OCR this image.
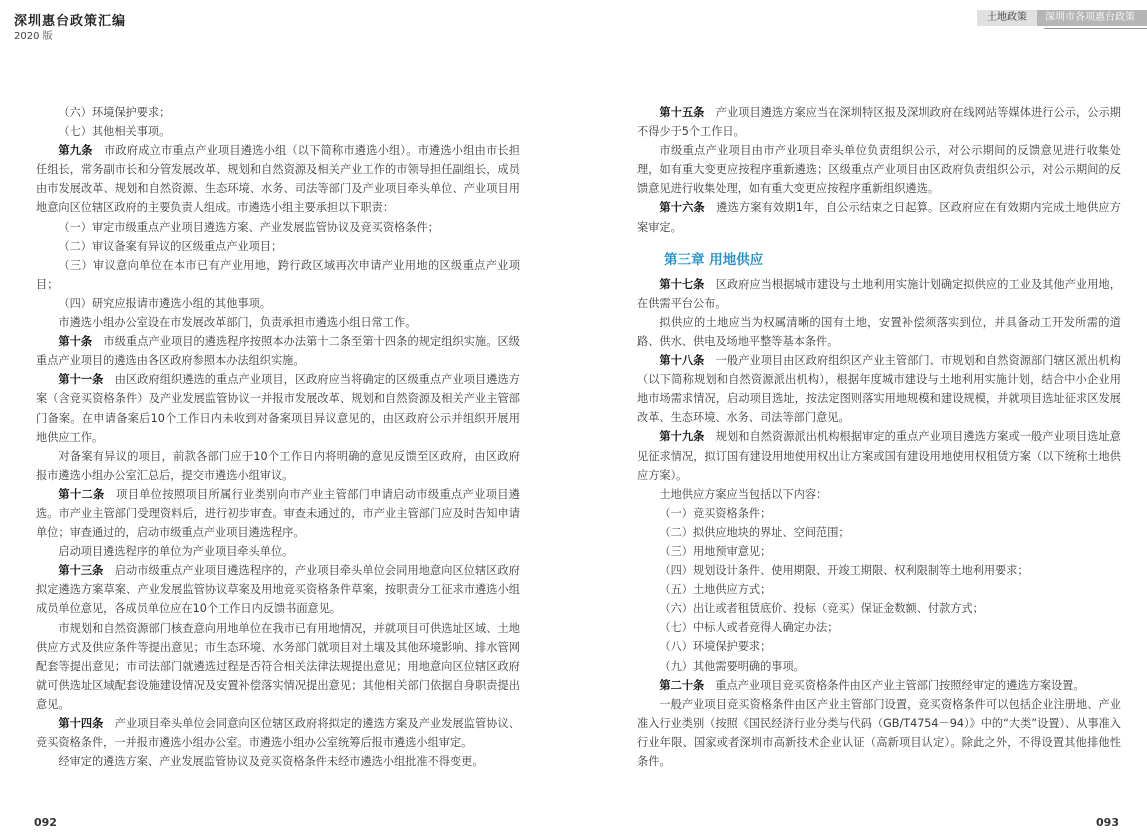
深圳惠台政策汇编
2020 版
土地政策	深圳市各项惠台政策

（六）环境保护要求；

（七）其他相关事项。

第九条　市政府成立市重点产业项目遴选小组（以下简称市遴选小组）。市遴选小组由市长担任组长，常务副市长和分管发展改革、规划和自然资源及相关产业工作的市领导担任副组长，成员由市发展改革、规划和自然资源、生态环境、水务、司法等部门及产业项目牵头单位、产业项目用地意向区位辖区政府的主要负责人组成。市遴选小组主要承担以下职责：

（一）审定市级重点产业项目遴选方案、产业发展监管协议及竞买资格条件；

（二）审议备案有异议的区级重点产业项目；

（三）审议意向单位在本市已有产业用地，跨行政区域再次申请产业用地的区级重点产业项目；

（四）研究应报请市遴选小组的其他事项。

市遴选小组办公室设在市发展改革部门，负责承担市遴选小组日常工作。

第十条　市级重点产业项目的遴选程序按照本办法第十二条至第十四条的规定组织实施。区级重点产业项目的遴选由各区政府参照本办法组织实施。

第十一条　由区政府组织遴选的重点产业项目，区政府应当将确定的区级重点产业项目遴选方案（含竞买资格条件）及产业发展监管协议一并报市发展改革、规划和自然资源及相关产业主管部门备案。在申请备案后10个工作日内未收到对备案项目异议意见的，由区政府公示并组织开展用地供应工作。

对备案有异议的项目，前款各部门应于10个工作日内将明确的意见反馈至区政府，由区政府报市遴选小组办公室汇总后，提交市遴选小组审议。

第十二条　项目单位按照项目所属行业类别向市产业主管部门申请启动市级重点产业项目遴选。市产业主管部门受理资料后，进行初步审查。审查未通过的，市产业主管部门应及时告知申请单位；审查通过的，启动市级重点产业项目遴选程序。

启动项目遴选程序的单位为产业项目牵头单位。

第十三条　启动市级重点产业项目遴选程序的，产业项目牵头单位会同用地意向区位辖区政府拟定遴选方案草案、产业发展监管协议草案及用地竞买资格条件草案，按职责分工征求市遴选小组成员单位意见，各成员单位应在10个工作日内反馈书面意见。

市规划和自然资源部门核查意向用地单位在我市已有用地情况，并就项目可供选址区域、土地供应方式及供应条件等提出意见；市生态环境、水务部门就项目对土壤及其他环境影响、排水管网配套等提出意见；市司法部门就遴选过程是否符合相关法律法规提出意见；用地意向区位辖区政府就可供选址区域配套设施建设情况及安置补偿落实情况提出意见；其他相关部门依据自身职责提出意见。

第十四条　产业项目牵头单位会同意向区位辖区政府将拟定的遴选方案及产业发展监管协议、竞买资格条件，一并报市遴选小组办公室。市遴选小组办公室统筹后报市遴选小组审定。

经审定的遴选方案、产业发展监管协议及竞买资格条件未经市遴选小组批准不得变更。

第十五条　产业项目遴选方案应当在深圳特区报及深圳政府在线网站等媒体进行公示，公示期不得少于5个工作日。

市级重点产业项目由市产业项目牵头单位负责组织公示，对公示期间的反馈意见进行收集处理，如有重大变更应按程序重新遴选；区级重点产业项目由区政府负责组织公示，对公示期间的反馈意见进行收集处理，如有重大变更应按程序重新组织遴选。

第十六条　遴选方案有效期1年，自公示结束之日起算。区政府应在有效期内完成土地供应方案审定。

第三章 用地供应

第十七条　区政府应当根据城市建设与土地利用实施计划确定拟供应的工业及其他产业用地，在供需平台公布。

拟供应的土地应当为权属清晰的国有土地，安置补偿须落实到位，并具备动工开发所需的道路、供水、供电及场地平整等基本条件。

第十八条　一般产业项目由区政府组织区产业主管部门、市规划和自然资源部门辖区派出机构（以下简称规划和自然资源派出机构），根据年度城市建设与土地利用实施计划，结合中小企业用地市场需求情况，启动项目选址，按法定图则落实用地规模和建设规模，并就项目选址征求区发展改革、生态环境、水务、司法等部门意见。

第十九条　规划和自然资源派出机构根据审定的重点产业项目遴选方案或一般产业项目选址意见征求情况，拟订国有建设用地使用权出让方案或国有建设用地使用权租赁方案（以下统称土地供应方案）。

土地供应方案应当包括以下内容：

（一）竞买资格条件；

（二）拟供应地块的界址、空间范围；

（三）用地预审意见；

（四）规划设计条件、使用期限、开竣工期限、权利限制等土地利用要求；

（五）土地供应方式；

（六）出让或者租赁底价、投标（竞买）保证金数额、付款方式；

（七）中标人或者竞得人确定办法；

（八）环境保护要求；

（九）其他需要明确的事项。

第二十条　重点产业项目竞买资格条件由区产业主管部门按照经审定的遴选方案设置。

一般产业项目竞买资格条件由区产业主管部门设置，竞买资格条件可以包括企业注册地、产业准入行业类别（按照《国民经济行业分类与代码（GB/T4754－94）》中的“大类”设置）、从事准入行业年限、国家或者深圳市高新技术企业认证（高新项目认定）。除此之外，不得设置其他排他性条件。

092	093
